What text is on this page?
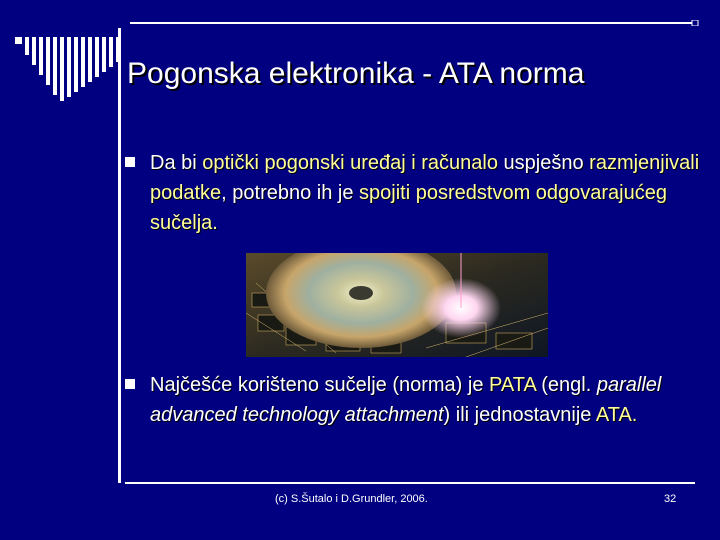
Pogonska elektronika - ATA norma
Da bi optički pogonski uređaj i računalo uspješno razmjenjivali podatke, potrebno ih je spojiti posredstvom odgovarajućeg sučelja.
Najčešće korišteno sučelje (norma) je PATA (engl. parallel advanced technology attachment) ili jednostavnije ATA.
(c) S.Šutalo i D.Grundler, 2006.	32
